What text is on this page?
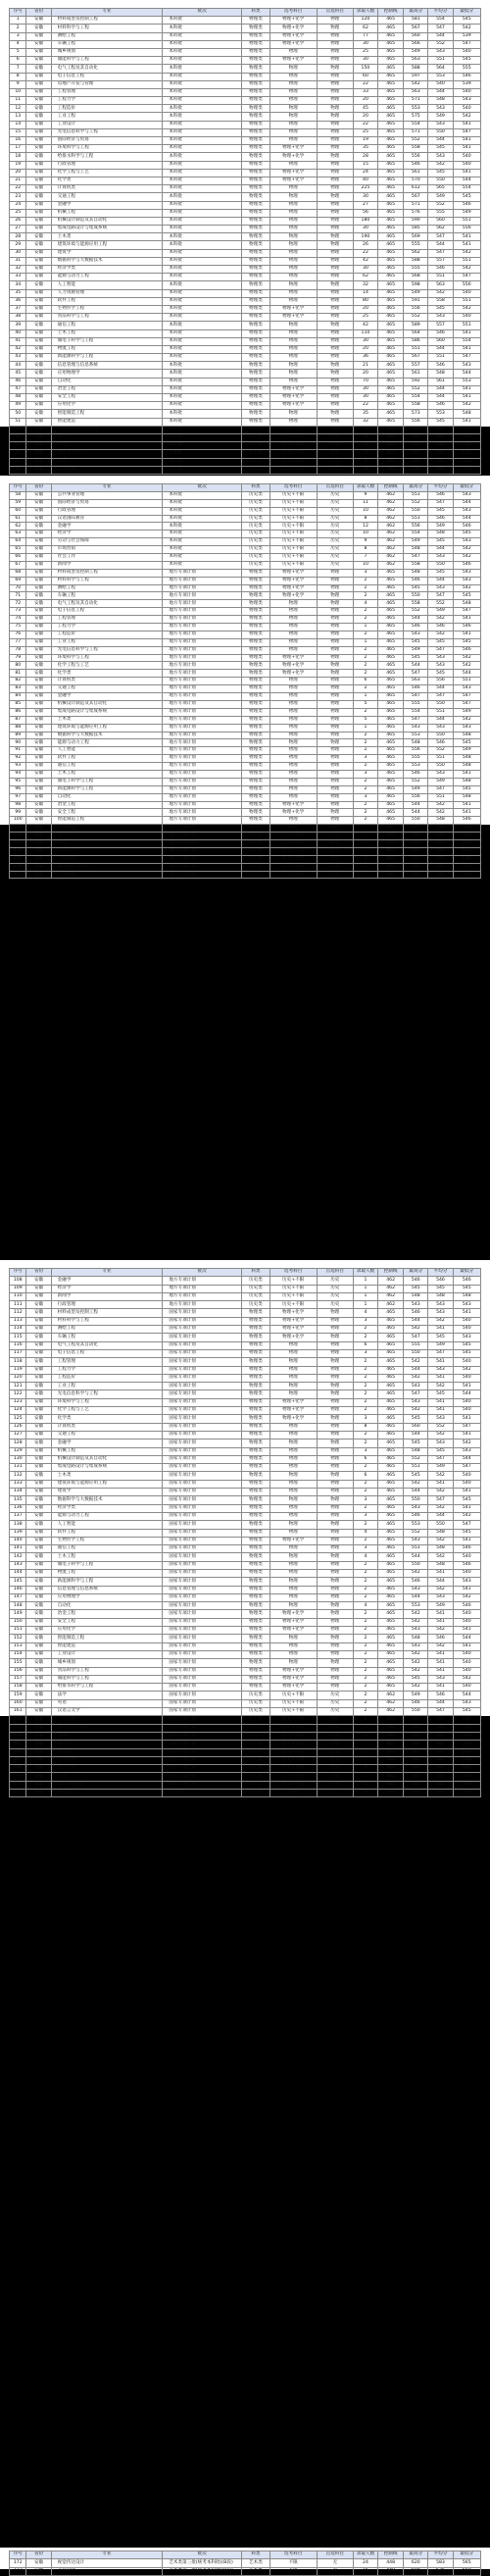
序号	省份	专业	批次	科类	选考科目	首选科目	录取人数	控制线	最高分	平均分	最低分
1	安徽	材料成型及控制工程	本科批	物理类	物理+化学	物理	120	465	581	554	545
2	安徽	材料科学与工程	本科批	物理类	物理+化学	物理	62	465	567	547	542
3	安徽	测绘工程	本科批	物理类	物理+化学	物理	77	465	560	544	539
4	安徽	车辆工程	本科批	物理类	物理+化学	物理	30	465	566	552	547
5	安徽	城乡规划	本科批	物理类	物理	物理	25	465	549	543	540
6	安徽	储能科学与工程	本科批	物理类	物理+化学	物理	30	465	563	551	545
7	安徽	电气工程及其自动化	本科批	物理类	物理	物理	150	465	588	564	555
8	安徽	电子信息工程	本科批	物理类	物理	物理	60	465	597	553	546
9	安徽	房地产开发与管理	本科批	物理类	物理	物理	22	465	542	540	539
10	安徽	工程管理	本科批	物理类	物理	物理	33	465	563	544	540
11	安徽	工程力学	本科批	物理类	物理	物理	20	465	571	548	543
12	安徽	工程造价	本科批	物理类	物理	物理	45	465	553	543	540
13	安徽	工业工程	本科批	物理类	物理	物理	20	465	575	549	542
14	安徽	工业设计	本科批	物理类	物理	物理	22	465	554	543	541
15	安徽	光电信息科学与工程	本科批	物理类	物理	物理	25	465	571	550	547
16	安徽	国际经济与贸易	本科批	物理类	物理	物理	19	465	552	544	541
17	安徽	环境科学与工程	本科批	物理类	物理+化学	物理	35	465	558	545	541
18	安徽	给排水科学与工程	本科批	物理类	物理+化学	物理	28	465	556	543	540
19	安徽	行政管理	本科批	物理类	物理	物理	15	465	546	542	540
20	安徽	化学工程与工艺	本科批	物理类	物理+化学	物理	24	465	561	545	541
21	安徽	化学类	本科批	物理类	物理+化学	物理	40	465	570	550	544
22	安徽	计算机类	本科批	物理类	物理	物理	225	465	612	565	554
23	安徽	交通工程	本科批	物理类	物理	物理	30	465	567	549	545
24	安徽	金融学	本科批	物理类	物理	物理	27	465	571	552	546
25	安徽	机械工程	本科批	物理类	物理	物理	56	465	576	555	549
26	安徽	机械设计制造及其自动化	本科批	物理类	物理	物理	180	465	590	560	551
27	安徽	集成电路设计与集成系统	本科批	物理类	物理	物理	30	465	585	562	556
28	安徽	土木类	本科批	物理类	物理	物理	190	465	569	547	541
29	安徽	建筑环境与能源应用工程	本科批	物理类	物理	物理	26	465	555	544	541
30	安徽	建筑学	本科批	物理类	物理	物理	22	465	562	547	542
31	安徽	数据科学与大数据技术	本科批	物理类	物理	物理	42	465	588	557	551
32	安徽	经济学类	本科批	物理类	物理	物理	30	465	555	546	542
33	安徽	能源与动力工程	本科批	物理类	物理	物理	62	465	568	551	547
34	安徽	人工智能	本科批	物理类	物理	物理	32	465	598	563	556
35	安徽	人力资源管理	本科批	物理类	物理	物理	14	465	549	542	540
36	安徽	软件工程	本科批	物理类	物理	物理	80	465	591	558	551
37	安徽	生物医学工程	本科批	物理类	物理+化学	物理	20	465	556	545	542
38	安徽	食品科学与工程	本科批	物理类	物理+化学	物理	25	465	552	543	540
39	安徽	通信工程	本科批	物理类	物理	物理	42	465	589	557	551
40	安徽	土木工程	本科批	物理类	物理	物理	110	465	564	546	541
41	安徽	微电子科学与工程	本科批	物理类	物理	物理	30	465	586	560	554
42	安徽	物流工程	本科批	物理类	物理	物理	20	465	551	544	541
43	安徽	新能源科学与工程	本科批	物理类	物理	物理	36	465	567	551	547
44	安徽	信息管理与信息系统	本科批	物理类	物理	物理	21	465	557	546	543
45	安徽	应用物理学	本科批	物理类	物理	物理	20	465	561	548	544
46	安徽	自动化	本科批	物理类	物理	物理	70	465	592	561	553
47	安徽	冶金工程	本科批	物理类	物理+化学	物理	30	465	552	544	541
48	安徽	安全工程	本科批	物理类	物理+化学	物理	30	465	554	544	541
49	安徽	应用化学	本科批	物理类	物理+化学	物理	22	465	558	546	542
50	安徽	智能制造工程	本科批	物理类	物理	物理	35	465	573	553	548
51	安徽	智能建造	本科批	物理类	物理	物理	32	465	556	545	541
52	安徽	资源循环科学与工程	本科批	物理类	物理+化学	物理	20	465	549	542	540
53	安徽	法学	本科批	历史类	历史+不限	历史	16	462	561	552	548
54	安徽	英语	本科批	历史类	历史+不限	历史	12	462	555	548	545
55	安徽	汉语言文学	本科批	历史类	历史+不限	历史	10	462	563	553	549
56	安徽	日语	本科批	历史类	历史+不限	历史	8	462	549	545	543
57	安徽	工商管理	本科批	历史类	历史+不限	历史	14	462	553	547	544
序号	省份	专业	批次	科类	选考科目	首选科目	录取人数	控制线	最高分	平均分	最低分
58	安徽	公共事业管理	本科批	历史类	历史+不限	历史	9	462	551	546	543
59	安徽	国际经济与贸易	本科批	历史类	历史+不限	历史	11	462	552	547	544
60	安徽	行政管理	本科批	历史类	历史+不限	历史	10	462	550	545	543
61	安徽	汉语国际教育	本科批	历史类	历史+不限	历史	8	462	551	546	544
62	安徽	金融学	本科批	历史类	历史+不限	历史	12	462	556	549	546
63	安徽	经济学	本科批	历史类	历史+不限	历史	10	462	554	548	545
64	安徽	劳动与社会保障	本科批	历史类	历史+不限	历史	9	462	549	545	543
65	安徽	市场营销	本科批	历史类	历史+不限	历史	8	462	548	544	542
66	安徽	社会工作	本科批	历史类	历史+不限	历史	7	462	547	543	542
67	安徽	新闻学	本科批	历史类	历史+不限	历史	10	462	558	550	546
68	安徽	材料成型及控制工程	地方专项计划	物理类	物理+化学	物理	3	465	548	545	543
69	安徽	材料科学与工程	地方专项计划	物理类	物理+化学	物理	2	465	546	544	543
70	安徽	测绘工程	地方专项计划	物理类	物理+化学	物理	2	465	545	543	542
71	安徽	车辆工程	地方专项计划	物理类	物理+化学	物理	2	465	550	547	545
72	安徽	电气工程及其自动化	地方专项计划	物理类	物理	物理	4	465	558	552	548
73	安徽	电子信息工程	地方专项计划	物理类	物理	物理	2	465	552	549	547
74	安徽	工程管理	地方专项计划	物理类	物理	物理	2	465	544	542	541
75	安徽	工程力学	地方专项计划	物理类	物理	物理	1	465	546	546	546
76	安徽	工程造价	地方专项计划	物理类	物理	物理	2	465	543	542	541
77	安徽	工业工程	地方专项计划	物理类	物理	物理	1	465	545	545	545
78	安徽	光电信息科学与工程	地方专项计划	物理类	物理	物理	2	465	549	547	546
79	安徽	环境科学与工程	地方专项计划	物理类	物理+化学	物理	2	465	545	543	542
80	安徽	化学工程与工艺	地方专项计划	物理类	物理+化学	物理	2	465	544	543	542
81	安徽	化学类	地方专项计划	物理类	物理+化学	物理	2	465	547	545	544
82	安徽	计算机类	地方专项计划	物理类	物理	物理	6	465	563	556	551
83	安徽	交通工程	地方专项计划	物理类	物理	物理	2	465	546	544	543
84	安徽	金融学	地方专项计划	物理类	物理	物理	1	465	547	547	547
85	安徽	机械设计制造及其自动化	地方专项计划	物理类	物理	物理	5	465	555	550	547
86	安徽	集成电路设计与集成系统	地方专项计划	物理类	物理	物理	2	465	554	551	549
87	安徽	土木类	地方专项计划	物理类	物理	物理	5	465	547	544	542
88	安徽	建筑环境与能源应用工程	地方专项计划	物理类	物理	物理	1	465	543	543	543
89	安徽	数据科学与大数据技术	地方专项计划	物理类	物理	物理	2	465	553	550	548
90	安徽	能源与动力工程	地方专项计划	物理类	物理	物理	2	465	548	546	545
91	安徽	人工智能	地方专项计划	物理类	物理	物理	2	465	556	552	549
92	安徽	软件工程	地方专项计划	物理类	物理	物理	3	465	555	551	548
93	安徽	通信工程	地方专项计划	物理类	物理	物理	2	465	553	550	548
94	安徽	土木工程	地方专项计划	物理类	物理	物理	3	465	546	543	541
95	安徽	微电子科学与工程	地方专项计划	物理类	物理	物理	2	465	552	549	548
96	安徽	新能源科学与工程	地方专项计划	物理类	物理	物理	2	465	549	547	545
97	安徽	自动化	地方专项计划	物理类	物理	物理	3	465	556	551	548
98	安徽	冶金工程	地方专项计划	物理类	物理+化学	物理	2	465	544	542	541
99	安徽	安全工程	地方专项计划	物理类	物理+化学	物理	2	465	544	542	541
100	安徽	智能制造工程	地方专项计划	物理类	物理	物理	2	465	550	548	546
101	安徽	智能建造	地方专项计划	物理类	物理	物理	2	465	545	543	542
102	安徽	法学	地方专项计划	历史类	历史+不限	历史	2	462	550	548	546
103	安徽	英语	地方专项计划	历史类	历史+不限	历史	1	462	547	547	547
104	安徽	汉语言文学	地方专项计划	历史类	历史+不限	历史	1	462	551	551	551
105	安徽	工商管理	地方专项计划	历史类	历史+不限	历史	1	462	546	546	546
106	安徽	国际经济与贸易	地方专项计划	历史类	历史+不限	历史	1	462	545	545	545
107	安徽	工程管理	地方专项计划	历史类	历史+不限	历史	1	462	544	544	544
序号	省份	专业	批次	科类	选考科目	首选科目	录取人数	控制线	最高分	平均分	最低分
108	安徽	金融学	地方专项计划	历史类	历史+不限	历史	1	462	546	546	546
109	安徽	经济学	地方专项计划	历史类	历史+不限	历史	1	462	545	545	545
110	安徽	新闻学	地方专项计划	历史类	历史+不限	历史	1	462	548	548	548
111	安徽	行政管理	地方专项计划	历史类	历史+不限	历史	1	462	543	543	543
112	安徽	材料成型及控制工程	国家专项计划	物理类	物理+化学	物理	4	465	546	543	541
113	安徽	材料科学与工程	国家专项计划	物理类	物理+化学	物理	3	465	544	542	540
114	安徽	测绘工程	国家专项计划	物理类	物理+化学	物理	2	465	542	541	540
115	安徽	车辆工程	国家专项计划	物理类	物理+化学	物理	2	465	547	545	543
116	安徽	电气工程及其自动化	国家专项计划	物理类	物理	物理	6	465	555	549	545
117	安徽	电子信息工程	国家专项计划	物理类	物理	物理	3	465	550	547	545
118	安徽	工程管理	国家专项计划	物理类	物理	物理	2	465	542	541	540
119	安徽	工程力学	国家专项计划	物理类	物理	物理	2	465	544	543	542
120	安徽	工程造价	国家专项计划	物理类	物理	物理	2	465	542	541	540
121	安徽	工业工程	国家专项计划	物理类	物理	物理	2	465	543	542	541
122	安徽	光电信息科学与工程	国家专项计划	物理类	物理	物理	2	465	547	545	544
123	安徽	环境科学与工程	国家专项计划	物理类	物理+化学	物理	2	465	543	541	540
124	安徽	化学工程与工艺	国家专项计划	物理类	物理+化学	物理	2	465	542	541	540
125	安徽	化学类	国家专项计划	物理类	物理+化学	物理	3	465	545	543	541
126	安徽	计算机类	国家专项计划	物理类	物理	物理	8	465	560	552	547
127	安徽	交通工程	国家专项计划	物理类	物理	物理	2	465	544	542	541
128	安徽	金融学	国家专项计划	物理类	物理	物理	2	465	545	543	542
129	安徽	机械工程	国家专项计划	物理类	物理	物理	3	465	548	545	543
130	安徽	机械设计制造及其自动化	国家专项计划	物理类	物理	物理	6	465	552	547	544
131	安徽	集成电路设计与集成系统	国家专项计划	物理类	物理	物理	2	465	551	549	547
132	安徽	土木类	国家专项计划	物理类	物理	物理	6	465	545	542	540
133	安徽	建筑环境与能源应用工程	国家专项计划	物理类	物理	物理	2	465	542	541	540
134	安徽	建筑学	国家专项计划	物理类	物理	物理	2	465	544	542	541
135	安徽	数据科学与大数据技术	国家专项计划	物理类	物理	物理	3	465	550	547	545
136	安徽	经济学类	国家专项计划	物理类	物理	物理	2	465	543	542	541
137	安徽	能源与动力工程	国家专项计划	物理类	物理	物理	3	465	546	544	542
138	安徽	人工智能	国家专项计划	物理类	物理	物理	2	465	553	550	547
139	安徽	软件工程	国家专项计划	物理类	物理	物理	4	465	552	548	545
140	安徽	生物医学工程	国家专项计划	物理类	物理+化学	物理	2	465	543	542	541
141	安徽	通信工程	国家专项计划	物理类	物理	物理	3	465	551	548	546
142	安徽	土木工程	国家专项计划	物理类	物理	物理	4	465	544	542	540
143	安徽	微电子科学与工程	国家专项计划	物理类	物理	物理	2	465	550	548	546
144	安徽	物流工程	国家专项计划	物理类	物理	物理	2	465	542	541	540
145	安徽	新能源科学与工程	国家专项计划	物理类	物理	物理	2	465	546	544	543
146	安徽	信息管理与信息系统	国家专项计划	物理类	物理	物理	2	465	543	542	541
147	安徽	应用物理学	国家专项计划	物理类	物理	物理	2	465	544	543	542
148	安徽	自动化	国家专项计划	物理类	物理	物理	4	465	553	549	546
149	安徽	冶金工程	国家专项计划	物理类	物理+化学	物理	2	465	542	541	540
150	安徽	安全工程	国家专项计划	物理类	物理+化学	物理	2	465	542	541	540
151	安徽	应用化学	国家专项计划	物理类	物理+化学	物理	2	465	543	542	541
152	安徽	智能制造工程	国家专项计划	物理类	物理	物理	2	465	548	546	544
153	安徽	智能建造	国家专项计划	物理类	物理	物理	2	465	543	542	541
154	安徽	工业设计	国家专项计划	物理类	物理	物理	2	465	542	541	540
155	安徽	城乡规划	国家专项计划	物理类	物理	物理	2	465	542	541	540
156	安徽	食品科学与工程	国家专项计划	物理类	物理+化学	物理	2	465	542	541	540
157	安徽	储能科学与工程	国家专项计划	物理类	物理+化学	物理	2	465	545	543	542
158	安徽	给排水科学与工程	国家专项计划	物理类	物理+化学	物理	2	465	542	541	540
159	安徽	法学	国家专项计划	历史类	历史+不限	历史	2	462	549	546	544
160	安徽	英语	国家专项计划	历史类	历史+不限	历史	2	462	546	544	543
161	安徽	汉语言文学	国家专项计划	历史类	历史+不限	历史	2	462	550	547	545
162	安徽	工商管理	国家专项计划	历史类	历史+不限	历史	2	462	545	543	542
163	安徽	国际经济与贸易	国家专项计划	历史类	历史+不限	历史	1	462	544	544	544
164	安徽	金融学	国家专项计划	历史类	历史+不限	历史	1	462	545	545	545
165	安徽	经济学	国家专项计划	历史类	历史+不限	历史	1	462	544	544	544
166	安徽	新闻学	国家专项计划	历史类	历史+不限	历史	1	462	547	547	547
167	安徽	行政管理	国家专项计划	历史类	历史+不限	历史	1	462	542	542	542
168	安徽	社会工作	国家专项计划	历史类	历史+不限	历史	1	462	542	542	542
169	安徽	日语	国家专项计划	历史类	历史+不限	历史	1	462	543	543	543
170	安徽	公共事业管理	国家专项计划	历史类	历史+不限	历史	1	462	543	543	543
171	安徽	环境设计	艺术类	艺术类	不限	无	30	448	595	569	555
序号	省份	专业	批次	科类	选考科目	首选科目	录取人数	控制线	最高分	平均分	最低分
172	安徽	视觉传达设计	艺术类第三批(统考本科批)(B段)	艺术类	不限	无	24	448	620	583	565
173	安徽	产品设计	艺术类第三批(统考本科批)(B段)	艺术类	不限	无	16	448	600	576	560
